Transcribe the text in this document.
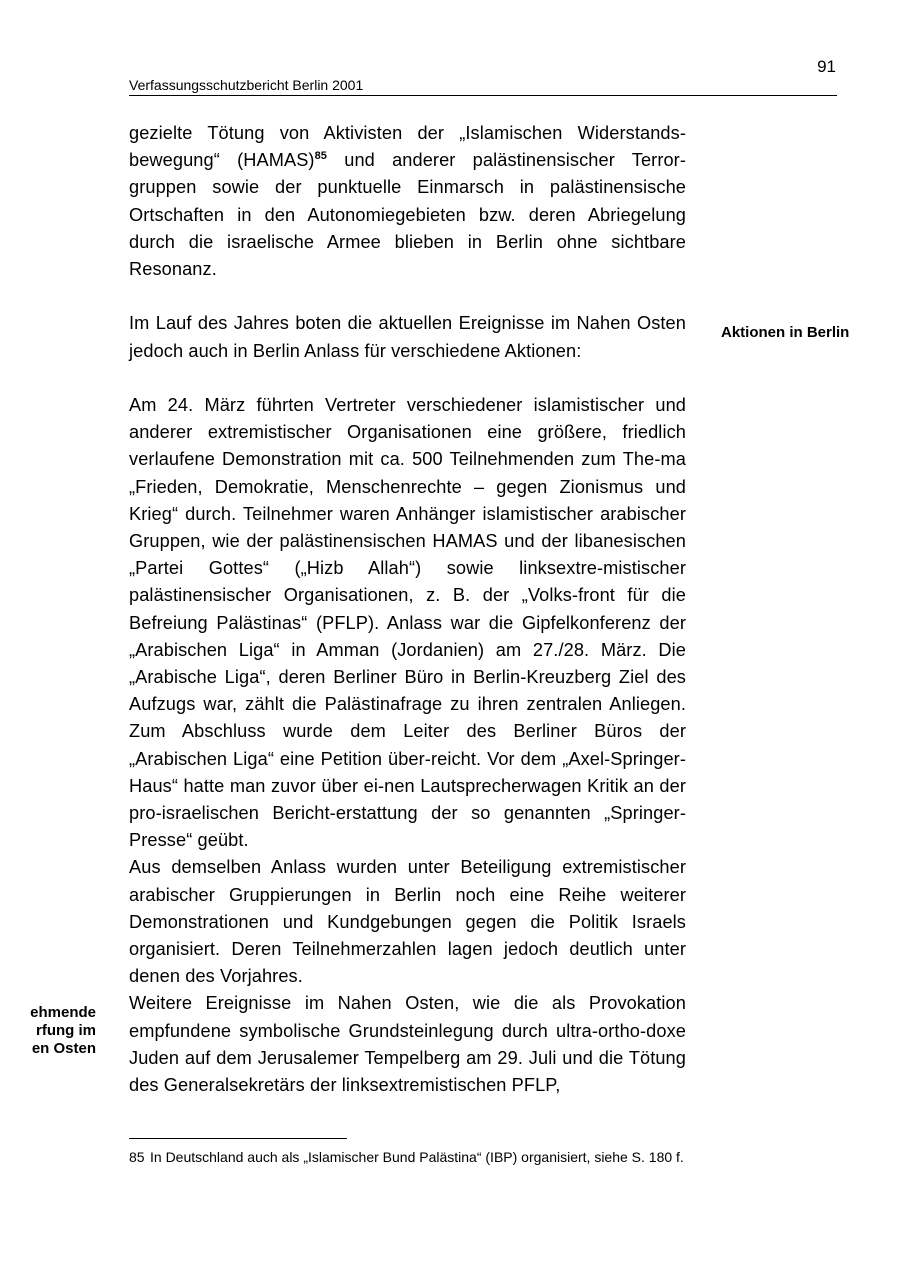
91
Verfassungsschutzbericht Berlin 2001

gezielte Tötung von Aktivisten der „Islamischen Widerstands-bewegung“ (HAMAS)$^{85}$ und anderer palästinensischer Terror-gruppen sowie der punktuelle Einmarsch in palästinensische Ortschaften in den Autonomiegebieten bzw. deren Abriegelung durch die israelische Armee blieben in Berlin ohne sichtbare Resonanz.

Im Lauf des Jahres boten die aktuellen Ereignisse im Nahen Osten jedoch auch in Berlin Anlass für verschiedene Aktionen:

Am 24. März führten Vertreter verschiedener islamistischer und anderer extremistischer Organisationen eine größere, friedlich verlaufene Demonstration mit ca. 500 Teilnehmenden zum The-ma „Frieden, Demokratie, Menschenrechte – gegen Zionismus und Krieg“ durch. Teilnehmer waren Anhänger islamistischer arabischer Gruppen, wie der palästinensischen HAMAS und der libanesischen „Partei Gottes“ („Hizb Allah“) sowie linksextre-mistischer palästinensischer Organisationen, z. B. der „Volks-front für die Befreiung Palästinas“ (PFLP). Anlass war die Gipfelkonferenz der „Arabischen Liga“ in Amman (Jordanien) am 27./28. März. Die „Arabische Liga“, deren Berliner Büro in Berlin-Kreuzberg Ziel des Aufzugs war, zählt die Palästinafrage zu ihren zentralen Anliegen. Zum Abschluss wurde dem Leiter des Berliner Büros der „Arabischen Liga“ eine Petition über-reicht. Vor dem „Axel-Springer-Haus“ hatte man zuvor über ei-nen Lautsprecherwagen Kritik an der pro-israelischen Bericht-erstattung der so genannten „Springer-Presse“ geübt.

Aus demselben Anlass wurden unter Beteiligung extremistischer arabischer Gruppierungen in Berlin noch eine Reihe weiterer Demonstrationen und Kundgebungen gegen die Politik Israels organisiert. Deren Teilnehmerzahlen lagen jedoch deutlich unter denen des Vorjahres.

Weitere Ereignisse im Nahen Osten, wie die als Provokation empfundene symbolische Grundsteinlegung durch ultra-ortho-doxe Juden auf dem Jerusalemer Tempelberg am 29. Juli und die Tötung des Generalsekretärs der linksextremistischen PFLP,

Aktionen in Berlin
ehmende
rfung im
en Osten
85 In Deutschland auch als „Islamischer Bund Palästina“ (IBP) organisiert, siehe S. 180 f.
